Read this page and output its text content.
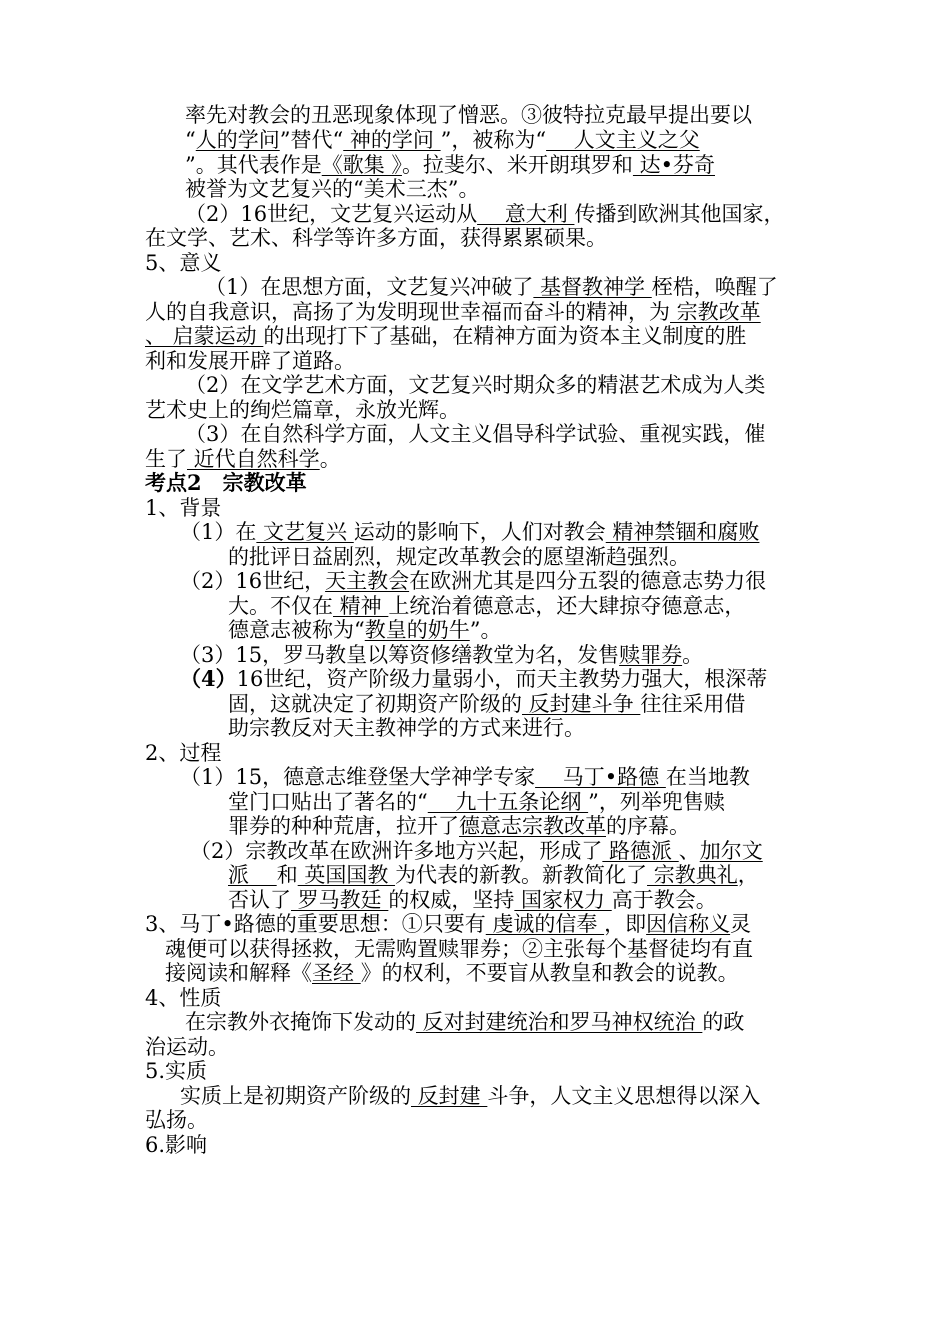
率先对教会的丑恶现象体现了憎恶。③彼特拉克最早提出要以
“人的学问”替代“ 神的学问 ”，被称为“　 人文主义之父
”。其代表作是《歌集 》。拉斐尔、米开朗琪罗和 达•芬奇
被誉为文艺复兴的“美术三杰”。
（2）16世纪，文艺复兴运动从　 意大利 传播到欧洲其他国家，
在文学、艺术、科学等许多方面，获得累累硕果。
5、意义
（1）在思想方面，文艺复兴冲破了 基督教神学 桎梏，唤醒了
人的自我意识，高扬了为发明现世幸福而奋斗的精神，为 宗教改革
、 启蒙运动 的出现打下了基础，在精神方面为资本主义制度的胜
利和发展开辟了道路。
（2）在文学艺术方面，文艺复兴时期众多的精湛艺术成为人类
艺术史上的绚烂篇章，永放光辉。
（3）在自然科学方面，人文主义倡导科学试验、重视实践，催
生了 近代自然科学。
考点2　宗教改革
1、背景
（1）在 文艺复兴 运动的影响下，人们对教会 精神禁锢和腐败
的批评日益剧烈，规定改革教会的愿望渐趋强烈。
（2）16世纪，天主教会在欧洲尤其是四分五裂的德意志势力很
大。不仅在 精神 上统治着德意志，还大肆掠夺德意志，
德意志被称为“教皇的奶牛”。
（3）15，罗马教皇以筹资修缮教堂为名，发售赎罪券。
（4）16世纪，资产阶级力量弱小，而天主教势力强大，根深蒂
固，这就决定了初期资产阶级的 反封建斗争 往往采用借
助宗教反对天主教神学的方式来进行。
2、过程
（1）15，德意志维登堡大学神学专家　 马丁•路德 在当地教
堂门口贴出了著名的“　 九十五条论纲 ”，列举兜售赎
罪券的种种荒唐，拉开了德意志宗教改革的序幕。
（2）宗教改革在欧洲许多地方兴起，形成了 路德派 、加尔文
派　 和 英国国教 为代表的新教。新教简化了 宗教典礼，
否认了 罗马教廷 的权威，坚持 国家权力 高于教会。
3、马丁•路德的重要思想：①只要有 虔诚的信奉 ，即因信称义灵
魂便可以获得拯救，无需购置赎罪券；②主张每个基督徒均有直
接阅读和解释《圣经 》的权利，不要盲从教皇和教会的说教。
4、性质
在宗教外衣掩饰下发动的 反对封建统治和罗马神权统治 的政
治运动。
5.实质
实质上是初期资产阶级的 反封建 斗争，人文主义思想得以深入
弘扬。
6.影响
